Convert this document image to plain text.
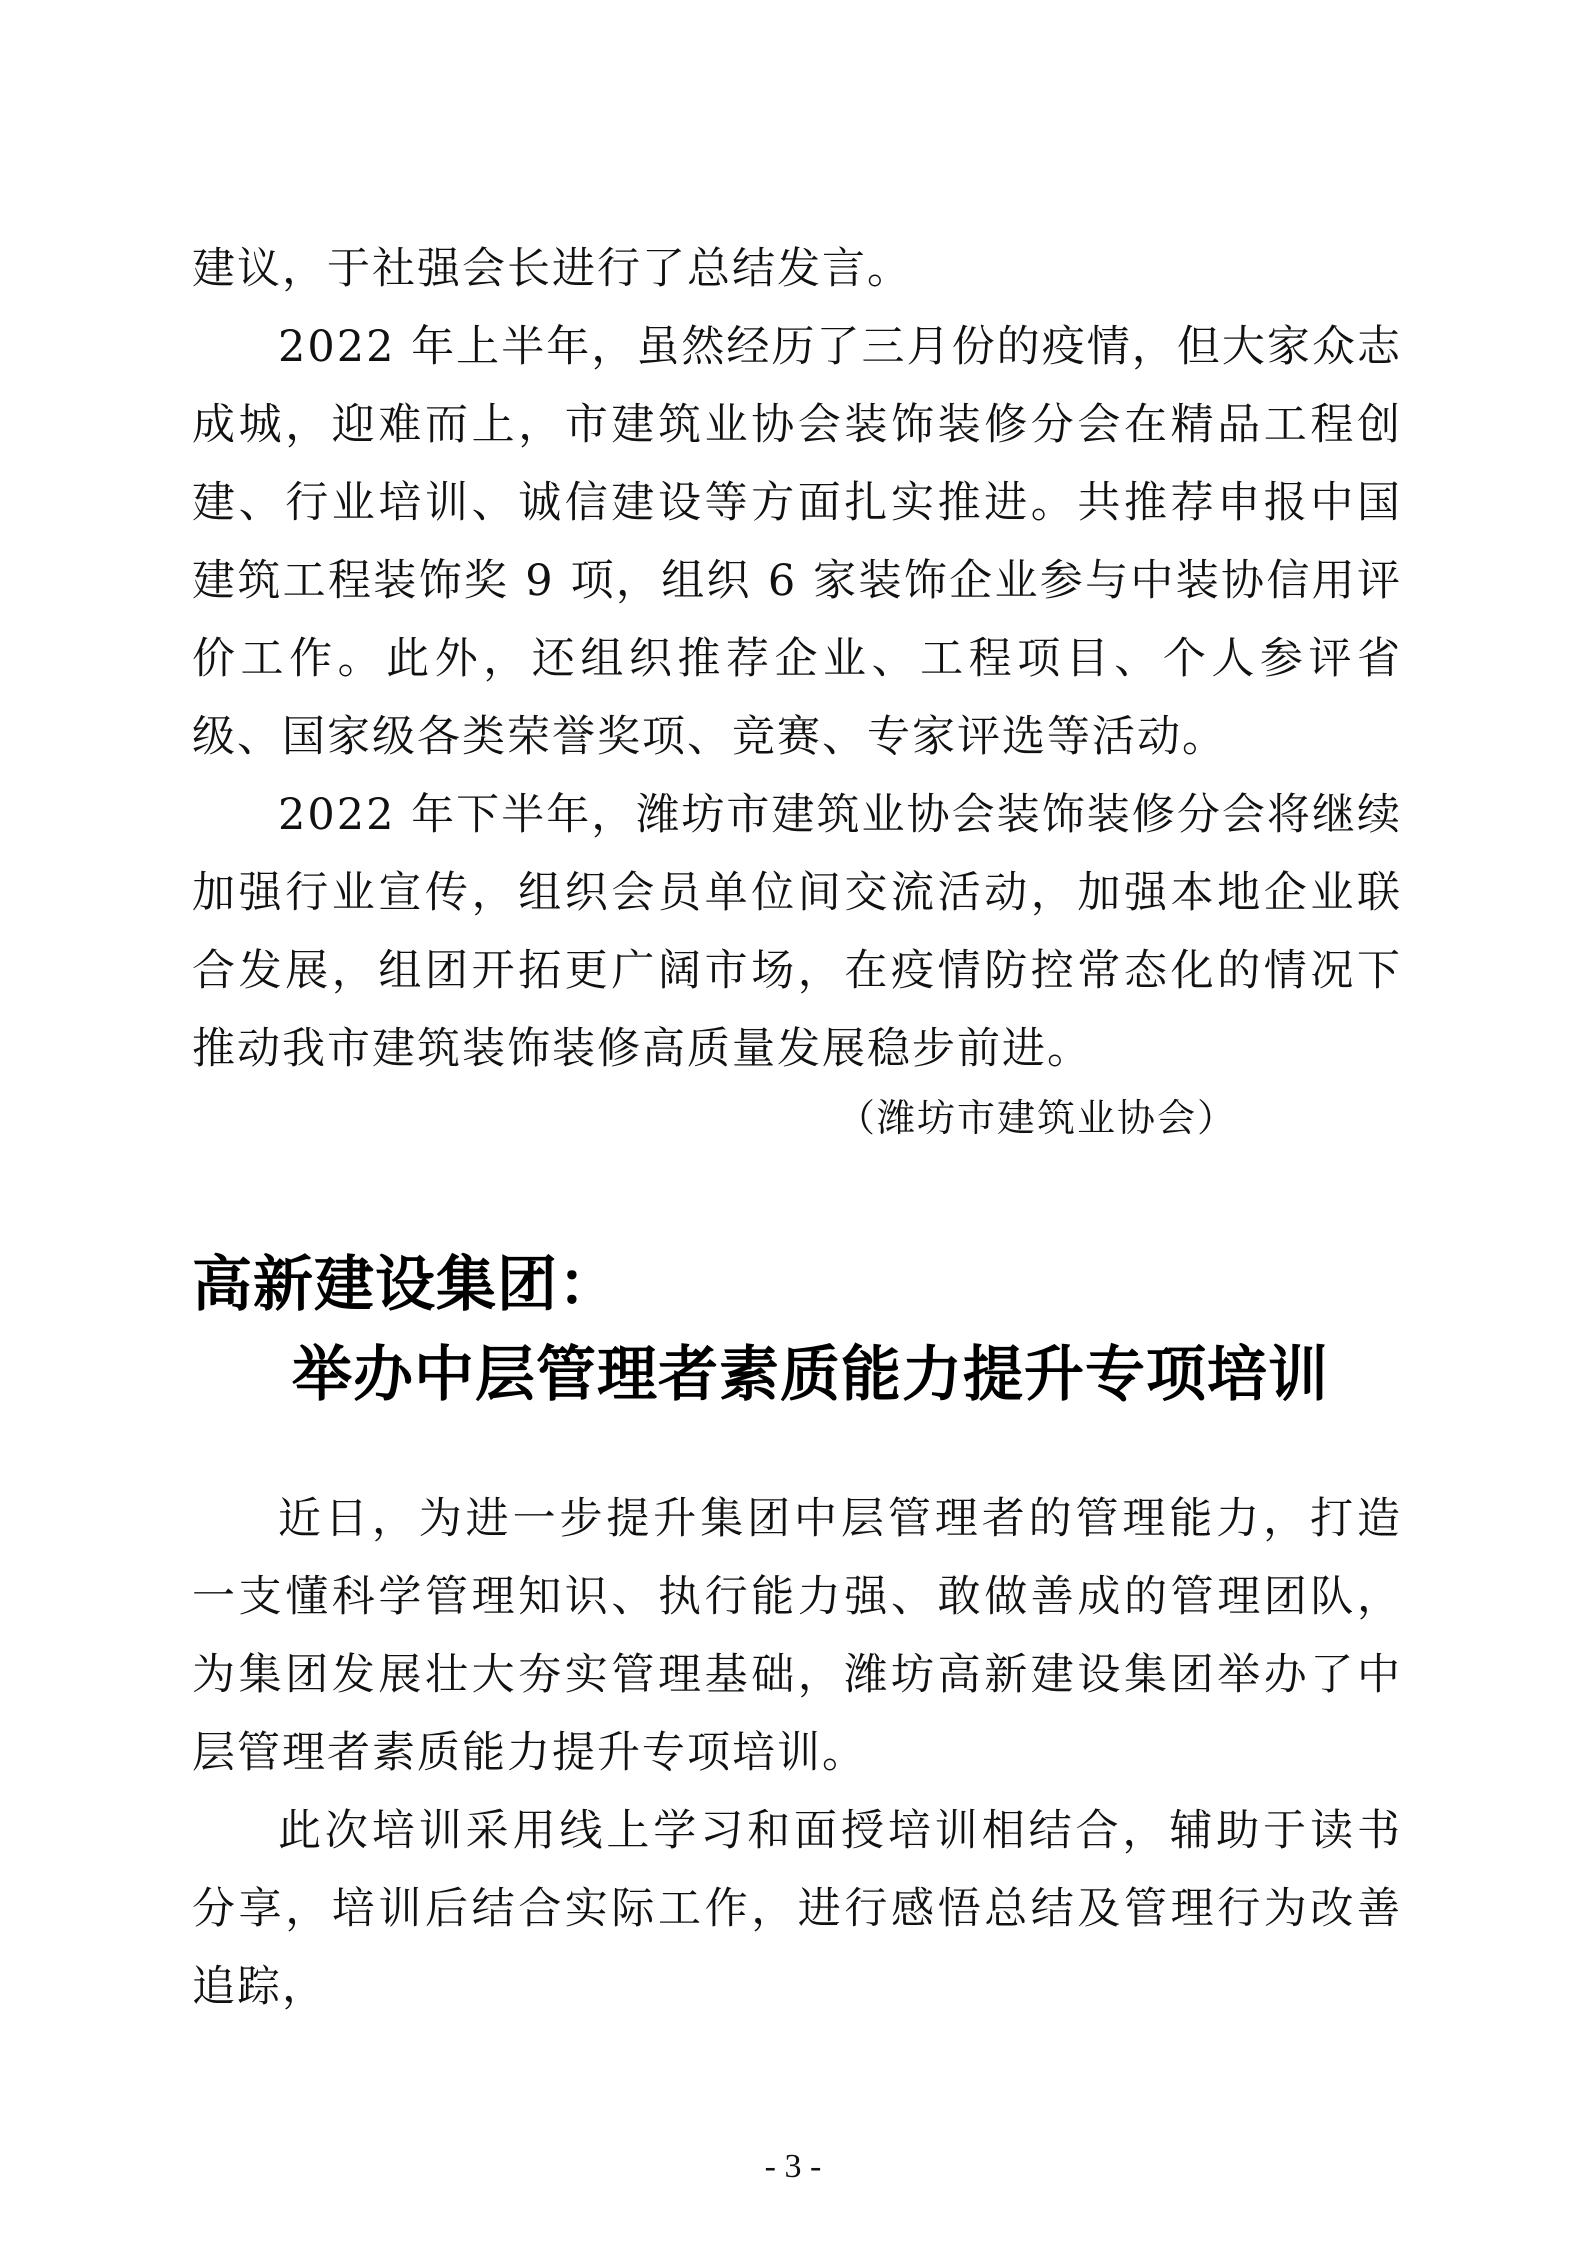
建议，于社强会长进行了总结发言。

2022 年上半年，虽然经历了三月份的疫情，但大家众志成城，迎难而上，市建筑业协会装饰装修分会在精品工程创建、行业培训、诚信建设等方面扎实推进。共推荐申报中国建筑工程装饰奖 9 项，组织 6 家装饰企业参与中装协信用评价工作。此外，还组织推荐企业、工程项目、个人参评省级、国家级各类荣誉奖项、竞赛、专家评选等活动。

2022 年下半年，潍坊市建筑业协会装饰装修分会将继续加强行业宣传，组织会员单位间交流活动，加强本地企业联合发展，组团开拓更广阔市场，在疫情防控常态化的情况下推动我市建筑装饰装修高质量发展稳步前进。

（潍坊市建筑业协会）
高新建设集团：
举办中层管理者素质能力提升专项培训

近日，为进一步提升集团中层管理者的管理能力，打造一支懂科学管理知识、执行能力强、敢做善成的管理团队，为集团发展壮大夯实管理基础，潍坊高新建设集团举办了中层管理者素质能力提升专项培训。

此次培训采用线上学习和面授培训相结合，辅助于读书分享，培训后结合实际工作，进行感悟总结及管理行为改善追踪，

- 3 -
